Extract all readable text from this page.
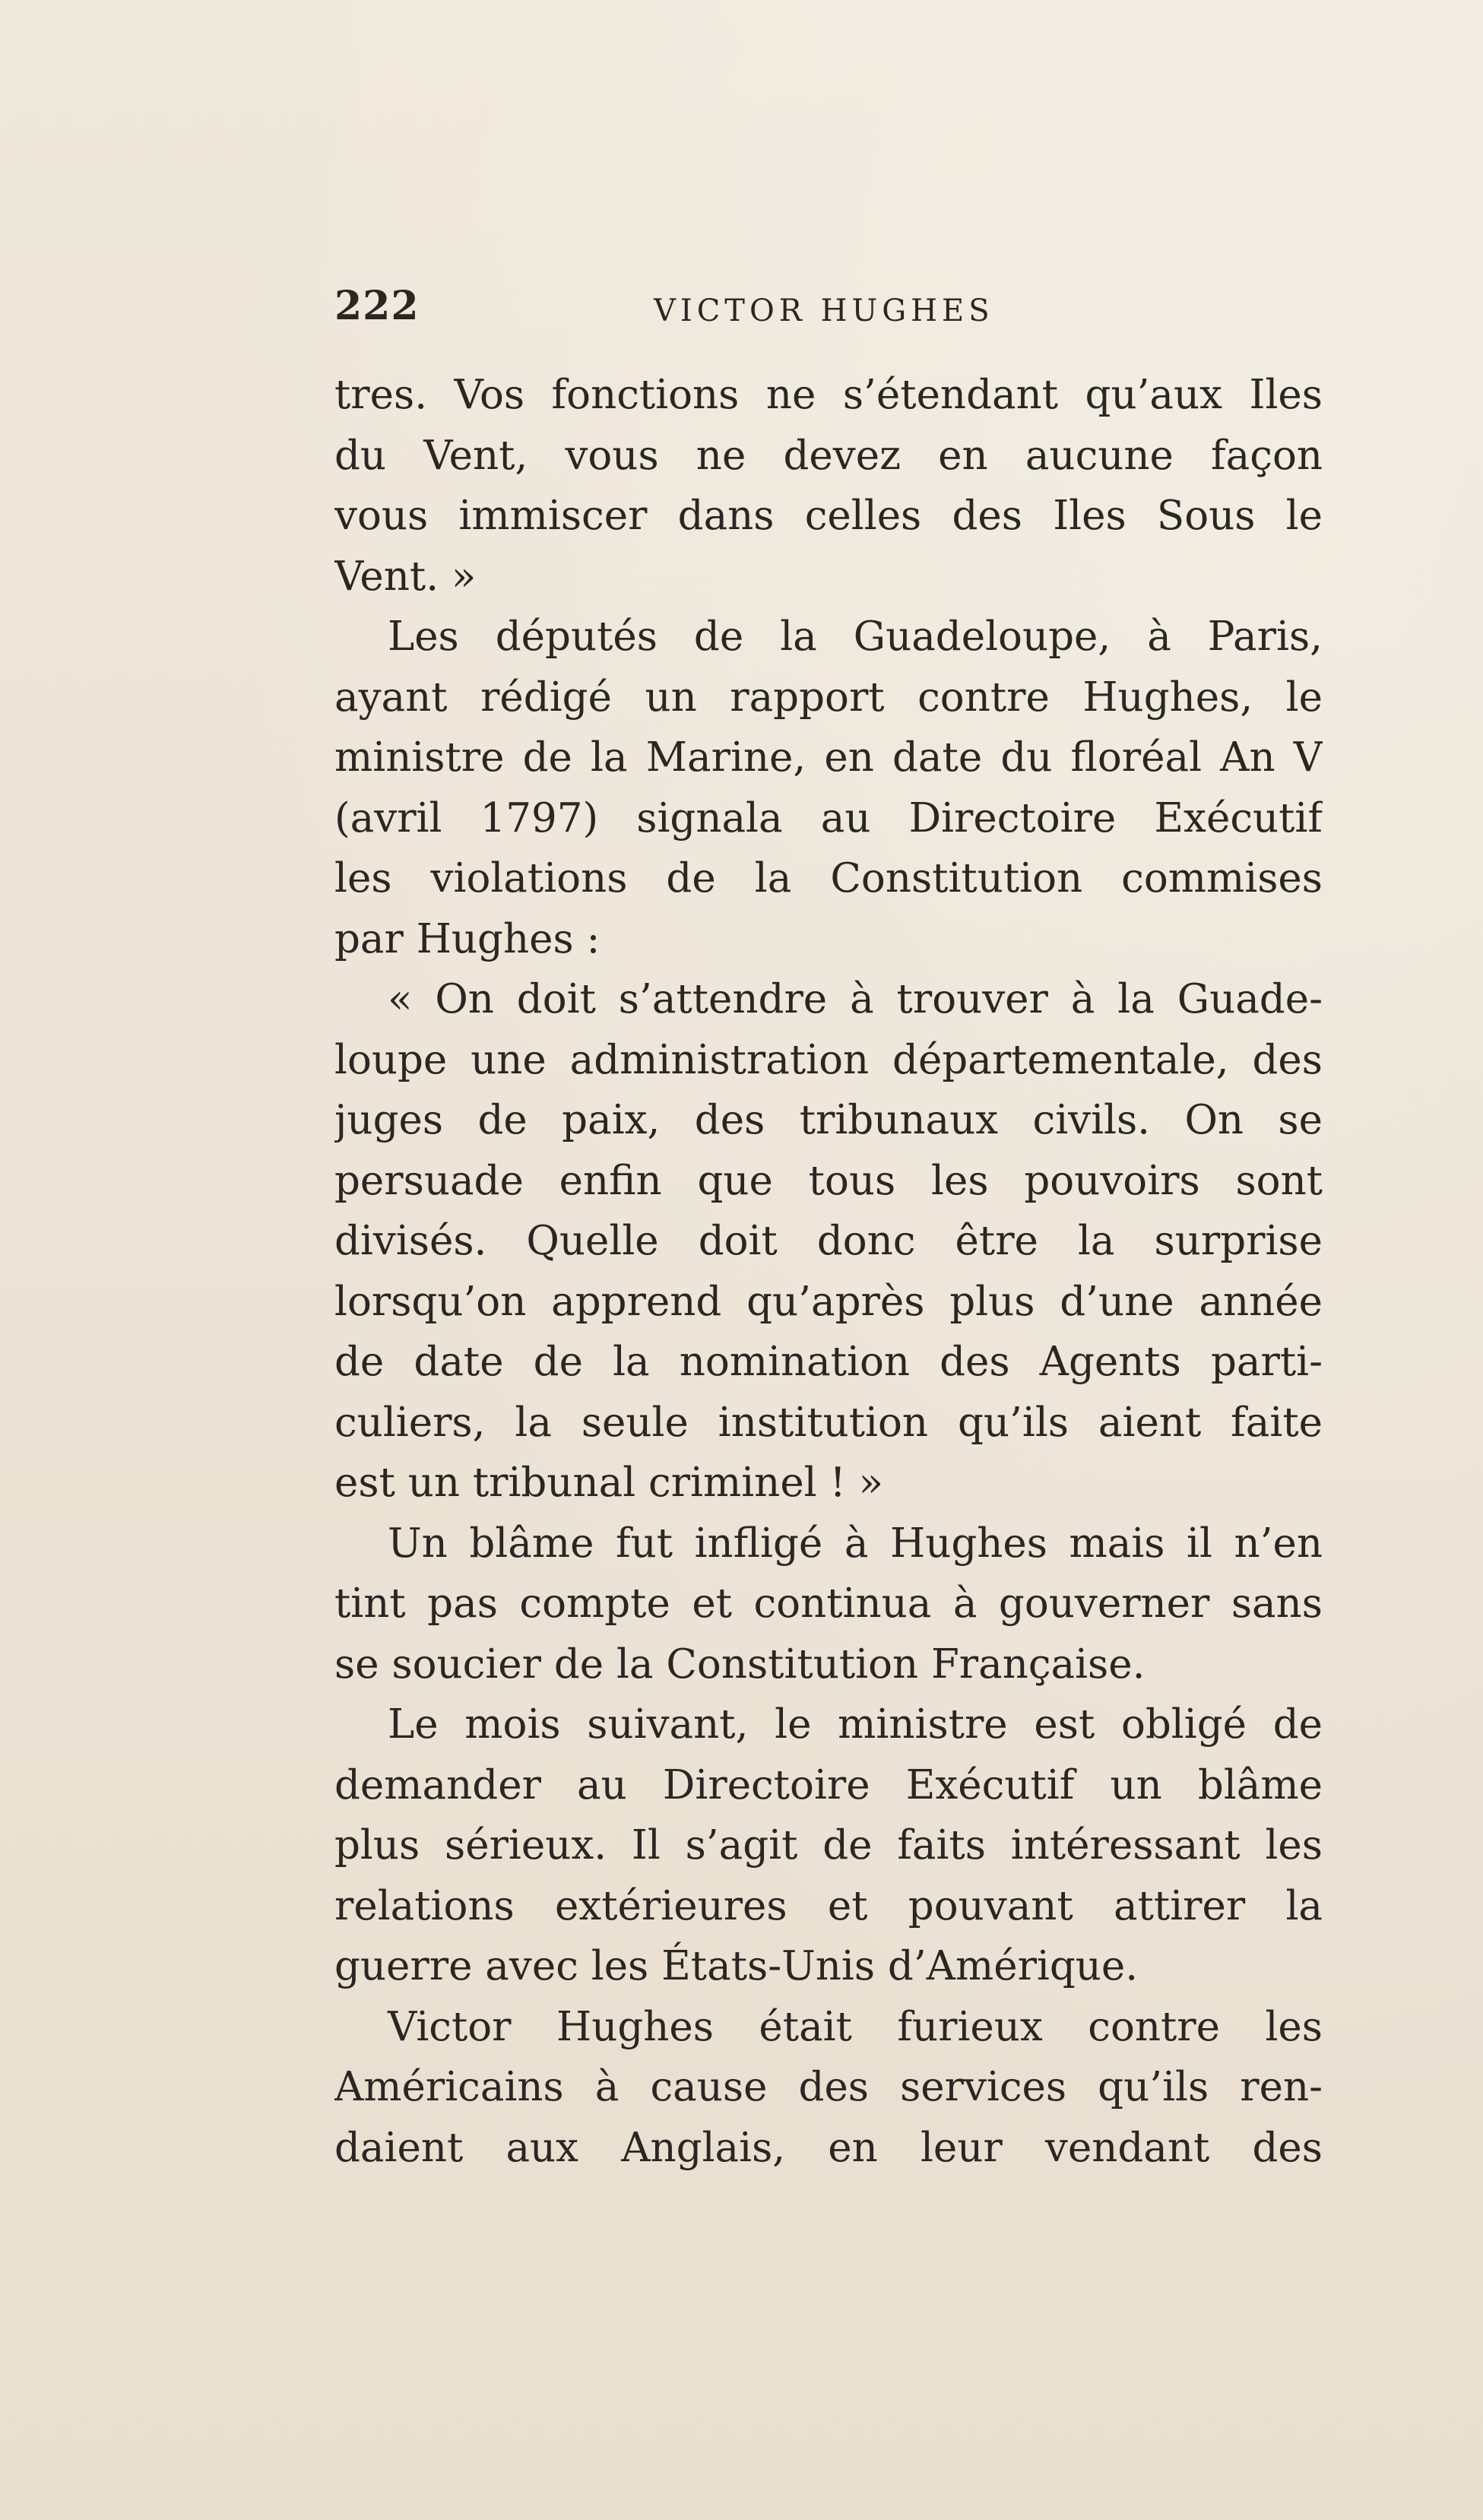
222	VICTOR HUGHES
tres. Vos fonctions ne s’étendant qu’aux Iles
du Vent, vous ne devez en aucune façon
vous immiscer dans celles des Iles Sous le
Vent. »
Les députés de la Guadeloupe, à Paris,
ayant rédigé un rapport contre Hughes, le
ministre de la Marine, en date du floréal An V
(avril 1797) signala au Directoire Exécutif
les violations de la Constitution commises
par Hughes :
« On doit s’attendre à trouver à la Guade-
loupe une administration départementale, des
juges de paix, des tribunaux civils. On se
persuade enfin que tous les pouvoirs sont
divisés. Quelle doit donc être la surprise
lorsqu’on apprend qu’après plus d’une année
de date de la nomination des Agents parti-
culiers, la seule institution qu’ils aient faite
est un tribunal criminel ! »
Un blâme fut infligé à Hughes mais il n’en
tint pas compte et continua à gouverner sans
se soucier de la Constitution Française.
Le mois suivant, le ministre est obligé de
demander au Directoire Exécutif un blâme
plus sérieux. Il s’agit de faits intéressant les
relations extérieures et pouvant attirer la
guerre avec les États-Unis d’Amérique.
Victor Hughes était furieux contre les
Américains à cause des services qu’ils ren-
daient aux Anglais, en leur vendant des
